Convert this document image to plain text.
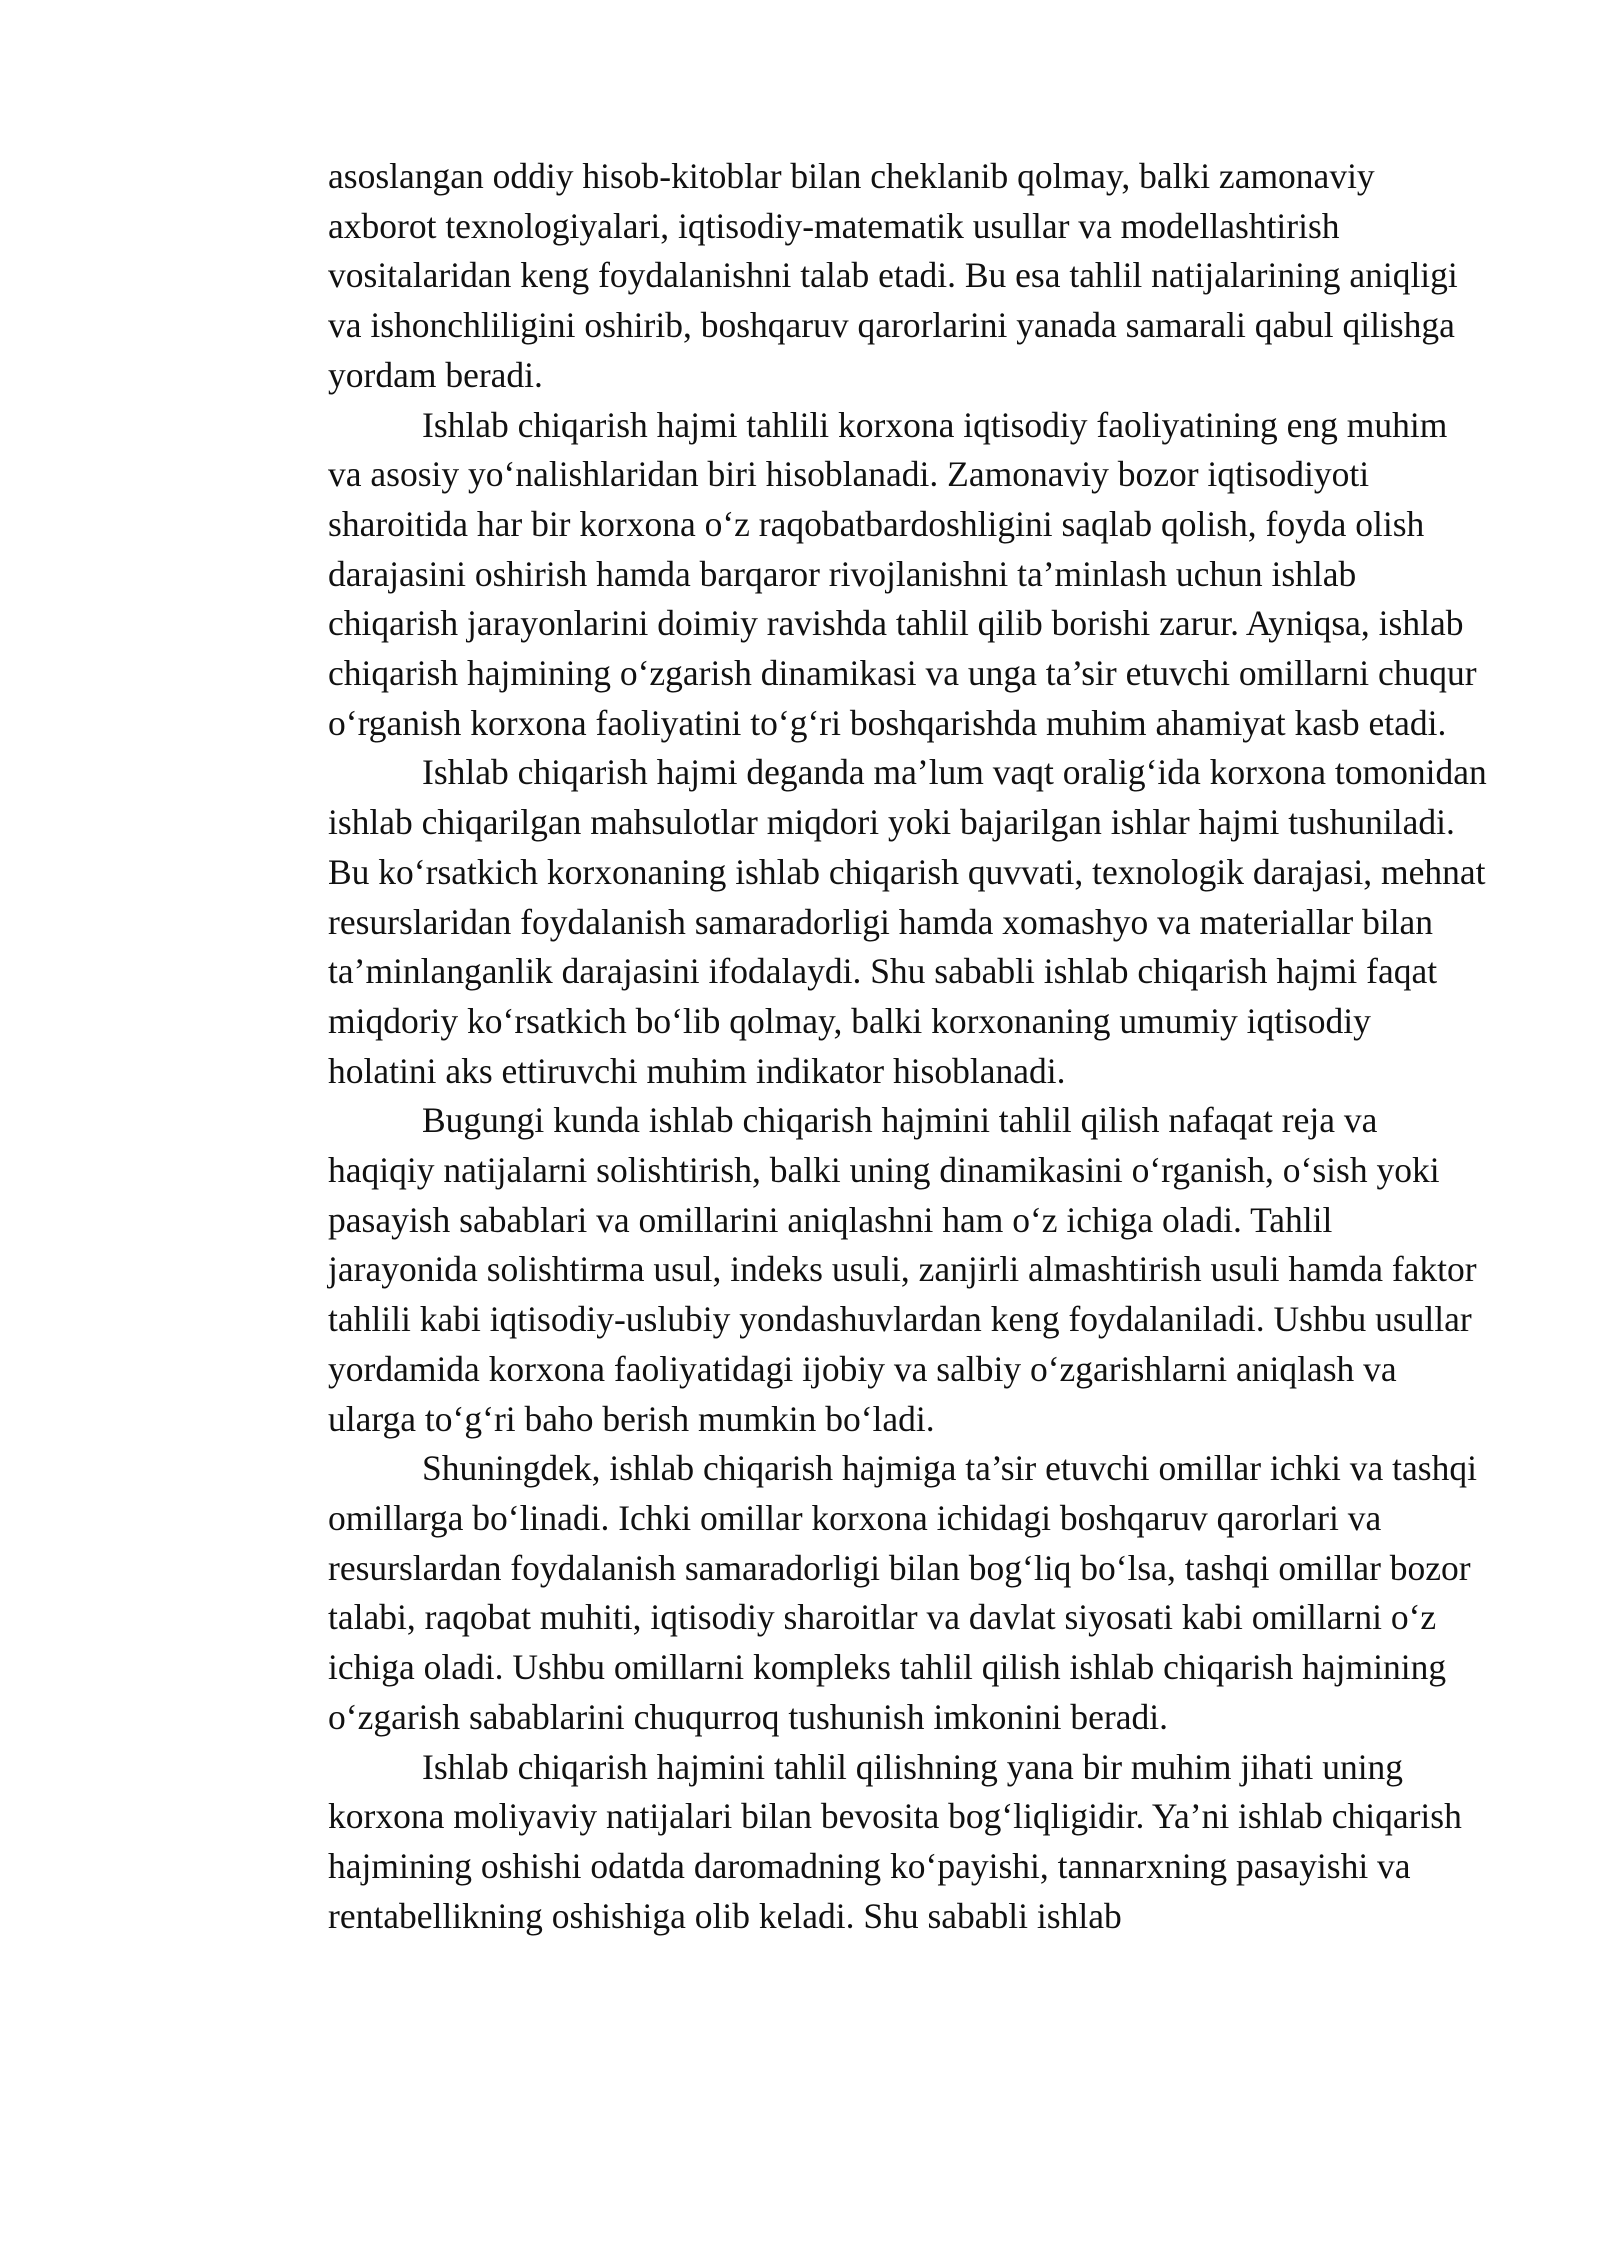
asoslangan oddiy hisob-kitoblar bilan cheklanib qolmay, balki zamonaviy axborot texnologiyalari, iqtisodiy-matematik usullar va modellashtirish vositalaridan keng foydalanishni talab etadi. Bu esa tahlil natijalarining aniqligi va ishonchliligini oshirib, boshqaruv qarorlarini yanada samarali qabul qilishga yordam beradi.

Ishlab chiqarish hajmi tahlili korxona iqtisodiy faoliyatining eng muhim va asosiy yo‘nalishlaridan biri hisoblanadi. Zamonaviy bozor iqtisodiyoti sharoitida har bir korxona o‘z raqobatbardoshligini saqlab qolish, foyda olish darajasini oshirish hamda barqaror rivojlanishni ta’minlash uchun ishlab chiqarish jarayonlarini doimiy ravishda tahlil qilib borishi zarur. Ayniqsa, ishlab chiqarish hajmining o‘zgarish dinamikasi va unga ta’sir etuvchi omillarni chuqur o‘rganish korxona faoliyatini to‘g‘ri boshqarishda muhim ahamiyat kasb etadi.

Ishlab chiqarish hajmi deganda ma’lum vaqt oralig‘ida korxona tomonidan ishlab chiqarilgan mahsulotlar miqdori yoki bajarilgan ishlar hajmi tushuniladi. Bu ko‘rsatkich korxonaning ishlab chiqarish quvvati, texnologik darajasi, mehnat resurslaridan foydalanish samaradorligi hamda xomashyo va materiallar bilan ta’minlanganlik darajasini ifodalaydi. Shu sababli ishlab chiqarish hajmi faqat miqdoriy ko‘rsatkich bo‘lib qolmay, balki korxonaning umumiy iqtisodiy holatini aks ettiruvchi muhim indikator hisoblanadi.

Bugungi kunda ishlab chiqarish hajmini tahlil qilish nafaqat reja va haqiqiy natijalarni solishtirish, balki uning dinamikasini o‘rganish, o‘sish yoki pasayish sabablari va omillarini aniqlashni ham o‘z ichiga oladi. Tahlil jarayonida solishtirma usul, indeks usuli, zanjirli almashtirish usuli hamda faktor tahlili kabi iqtisodiy-uslubiy yondashuvlardan keng foydalaniladi. Ushbu usullar yordamida korxona faoliyatidagi ijobiy va salbiy o‘zgarishlarni aniqlash va ularga to‘g‘ri baho berish mumkin bo‘ladi.

Shuningdek, ishlab chiqarish hajmiga ta’sir etuvchi omillar ichki va tashqi omillarga bo‘linadi. Ichki omillar korxona ichidagi boshqaruv qarorlari va resurslardan foydalanish samaradorligi bilan bog‘liq bo‘lsa, tashqi omillar bozor talabi, raqobat muhiti, iqtisodiy sharoitlar va davlat siyosati kabi omillarni o‘z ichiga oladi. Ushbu omillarni kompleks tahlil qilish ishlab chiqarish hajmining o‘zgarish sabablarini chuqurroq tushunish imkonini beradi.

Ishlab chiqarish hajmini tahlil qilishning yana bir muhim jihati uning korxona moliyaviy natijalari bilan bevosita bog‘liqligidir. Ya’ni ishlab chiqarish hajmining oshishi odatda daromadning ko‘payishi, tannarxning pasayishi va rentabellikning oshishiga olib keladi. Shu sababli ishlab
